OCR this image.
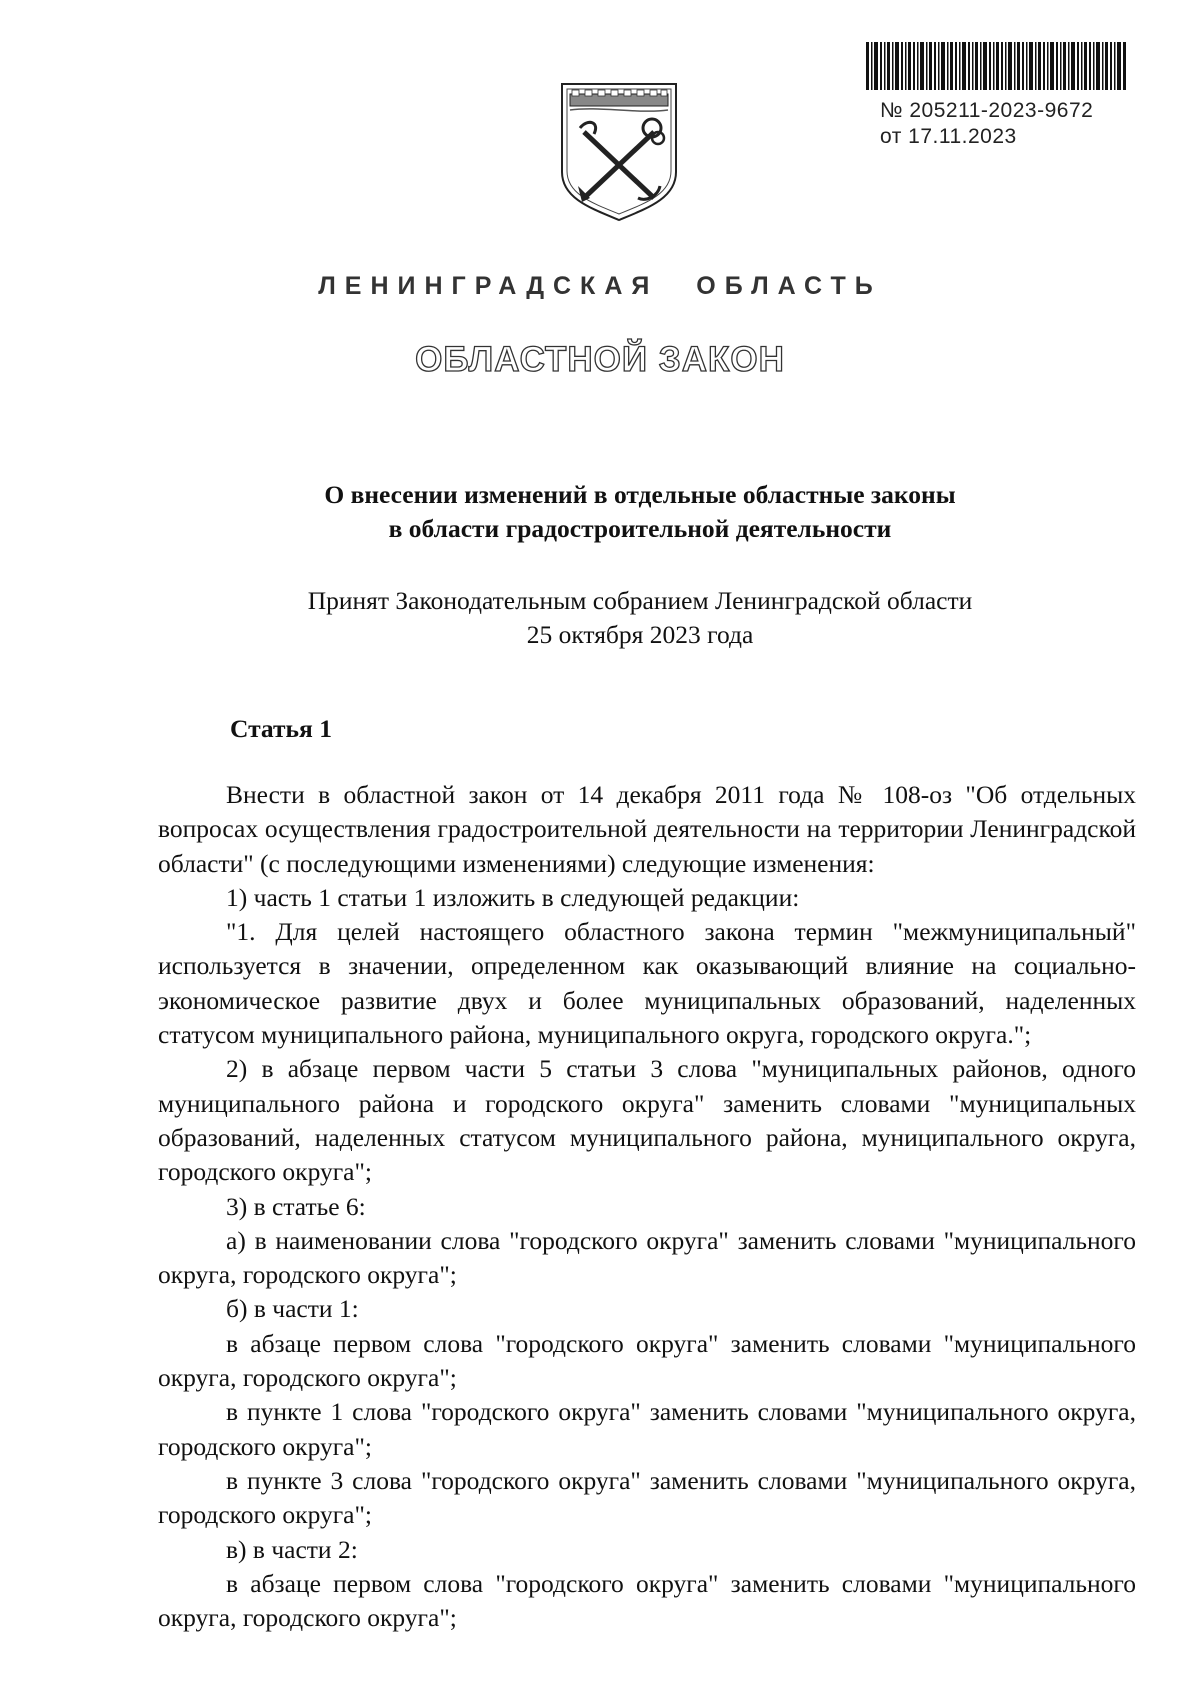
№ 205211-2023-9672
от 17.11.2023
ЛЕНИНГРАДСКАЯ ОБЛАСТЬ
ОБЛАСТНОЙ ЗАКОН
О внесении изменений в отдельные областные законы
в области градостроительной деятельности
Принят Законодательным собранием Ленинградской области
25 октября 2023 года
Статья 1

Внести в областной закон от 14 декабря 2011 года № 108-оз "Об отдельных вопросах осуществления градостроительной деятельности на территории Ленинградской области" (с последующими изменениями) следующие изменения:

1) часть 1 статьи 1 изложить в следующей редакции:

"1. Для целей настоящего областного закона термин "межмуниципальный" используется в значении, определенном как оказывающий влияние на социально-экономическое развитие двух и более муниципальных образований, наделенных статусом муниципального района, муниципального округа, городского округа.";

2) в абзаце первом части 5 статьи 3 слова "муниципальных районов, одного муниципального района и городского округа" заменить словами "муниципальных образований, наделенных статусом муниципального района, муниципального округа, городского округа";

3) в статье 6:

а) в наименовании слова "городского округа" заменить словами "муниципального округа, городского округа";

б) в части 1:

в абзаце первом слова "городского округа" заменить словами "муниципального округа, городского округа";

в пункте 1 слова "городского округа" заменить словами "муниципального округа, городского округа";

в пункте 3 слова "городского округа" заменить словами "муниципального округа, городского округа";

в) в части 2:

в абзаце первом слова "городского округа" заменить словами "муниципального округа, городского округа";
